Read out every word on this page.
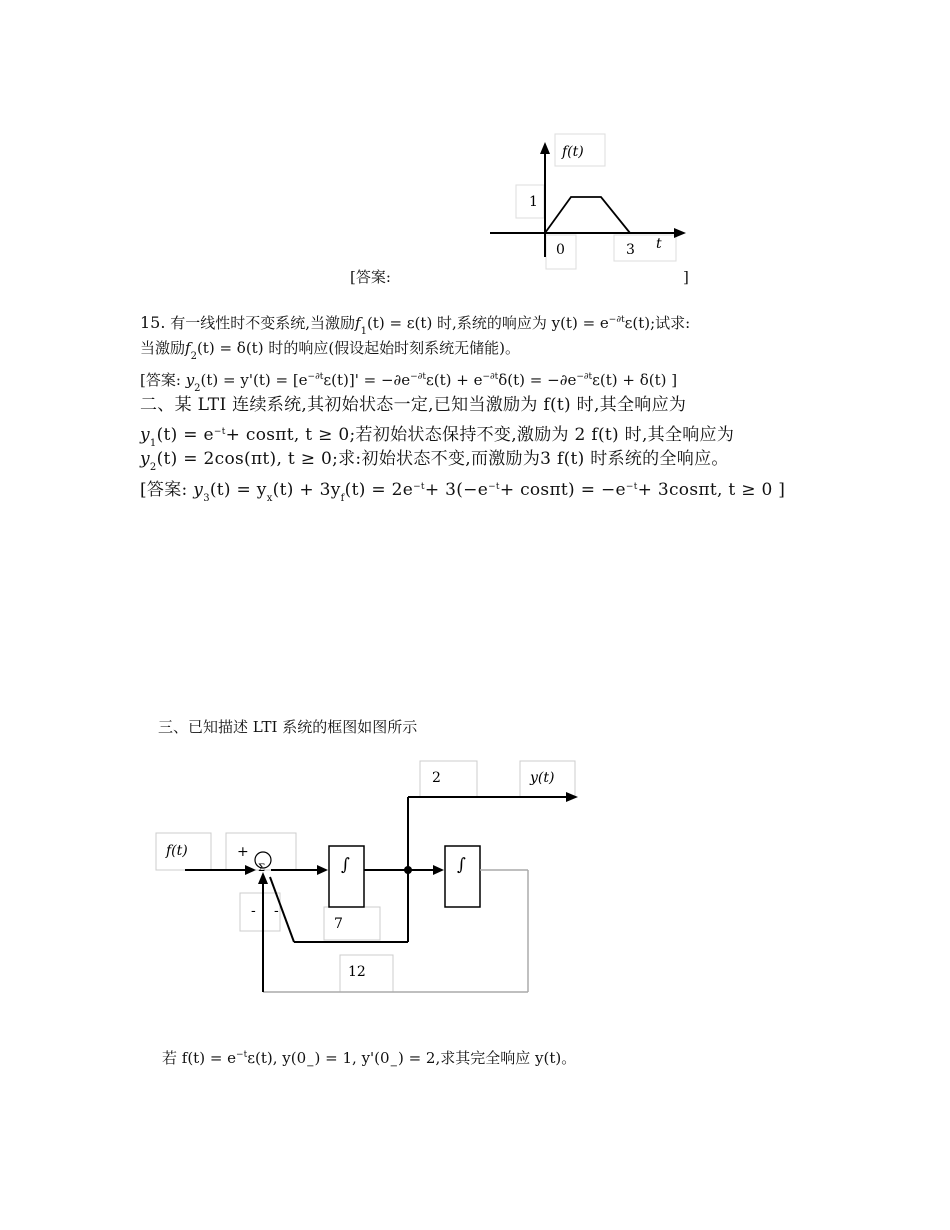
f(t)
1
0	3 t
[答案:	]
15. 有一线性时不变系统,当激励$f_1(t) = \varepsilon(t)$ 时,系统的响应为 $y(t) = e^{-\partial t}\varepsilon(t)$;试求:
当激励$f_2(t) = \delta(t)$ 时的响应(假设起始时刻系统无储能)。
[答案: $y_2(t) = y'(t) = [e^{-\partial t}\varepsilon(t)]' = -\partial e^{-\partial t}\varepsilon(t) + e^{-\partial t}\delta(t) = -\partial e^{-\partial t}\varepsilon(t) + \delta(t)$ ]
二、某 LTI 连续系统,其初始状态一定,已知当激励为 f(t) 时,其全响应为
$y_1(t) = e^{-t}+ \cos\pi t$, t ≥ 0;若初始状态保持不变,激励为 2 f(t) 时,其全响应为
$y_2(t) = 2\cos(\pi t)$, t ≥ 0;求:初始状态不变,而激励为3 f(t) 时系统的全响应。
[答案: $y_3(t) = y_x(t) + 3y_f(t) = 2e^{-t}+ 3(-e^{-t}+ \cos\pi t) = -e^{-t}+ 3\cos\pi t$, t ≥ 0 ]
三、已知描述 LTI 系统的框图如图所示
2	y(t)
f(t)	+
Σ
- -
∫	∫
7
12
若 $f(t) = e^{-t}\varepsilon(t)$, $y(0_-) = 1$, $y'(0_-) = 2$,求其完全响应 y(t)。
